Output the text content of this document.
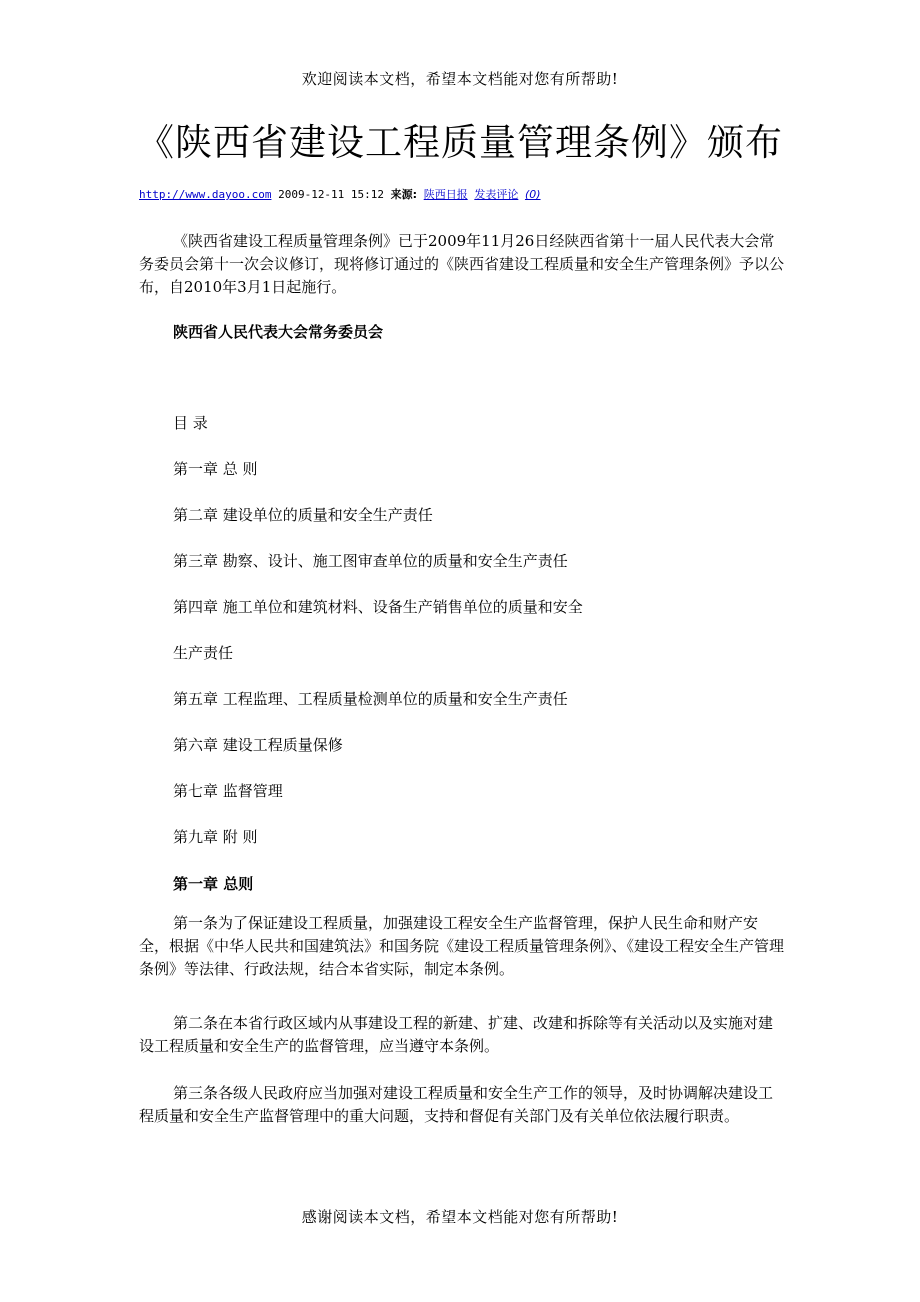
欢迎阅读本文档，希望本文档能对您有所帮助!
《陕西省建设工程质量管理条例》颁布
http://www.dayoo.com 2009-12-11 15:12 来源: 陕西日报 发表评论 (0)
《陕西省建设工程质量管理条例》已于2009年11月26日经陕西省第十一届人民代表大会常务委员会第十一次会议修订，现将修订通过的《陕西省建设工程质量和安全生产管理条例》予以公布，自2010年3月1日起施行。
陕西省人民代表大会常务委员会
目 录
第一章 总 则
第二章 建设单位的质量和安全生产责任
第三章 勘察、设计、施工图审查单位的质量和安全生产责任
第四章 施工单位和建筑材料、设备生产销售单位的质量和安全
生产责任
第五章 工程监理、工程质量检测单位的质量和安全生产责任
第六章 建设工程质量保修
第七章 监督管理
第九章 附 则
第一章 总则
第一条为了保证建设工程质量，加强建设工程安全生产监督管理，保护人民生命和财产安全，根据《中华人民共和国建筑法》和国务院《建设工程质量管理条例》、《建设工程安全生产管理条例》等法律、行政法规，结合本省实际，制定本条例。
第二条在本省行政区域内从事建设工程的新建、扩建、改建和拆除等有关活动以及实施对建设工程质量和安全生产的监督管理，应当遵守本条例。
第三条各级人民政府应当加强对建设工程质量和安全生产工作的领导，及时协调解决建设工程质量和安全生产监督管理中的重大问题，支持和督促有关部门及有关单位依法履行职责。
感谢阅读本文档，希望本文档能对您有所帮助!
